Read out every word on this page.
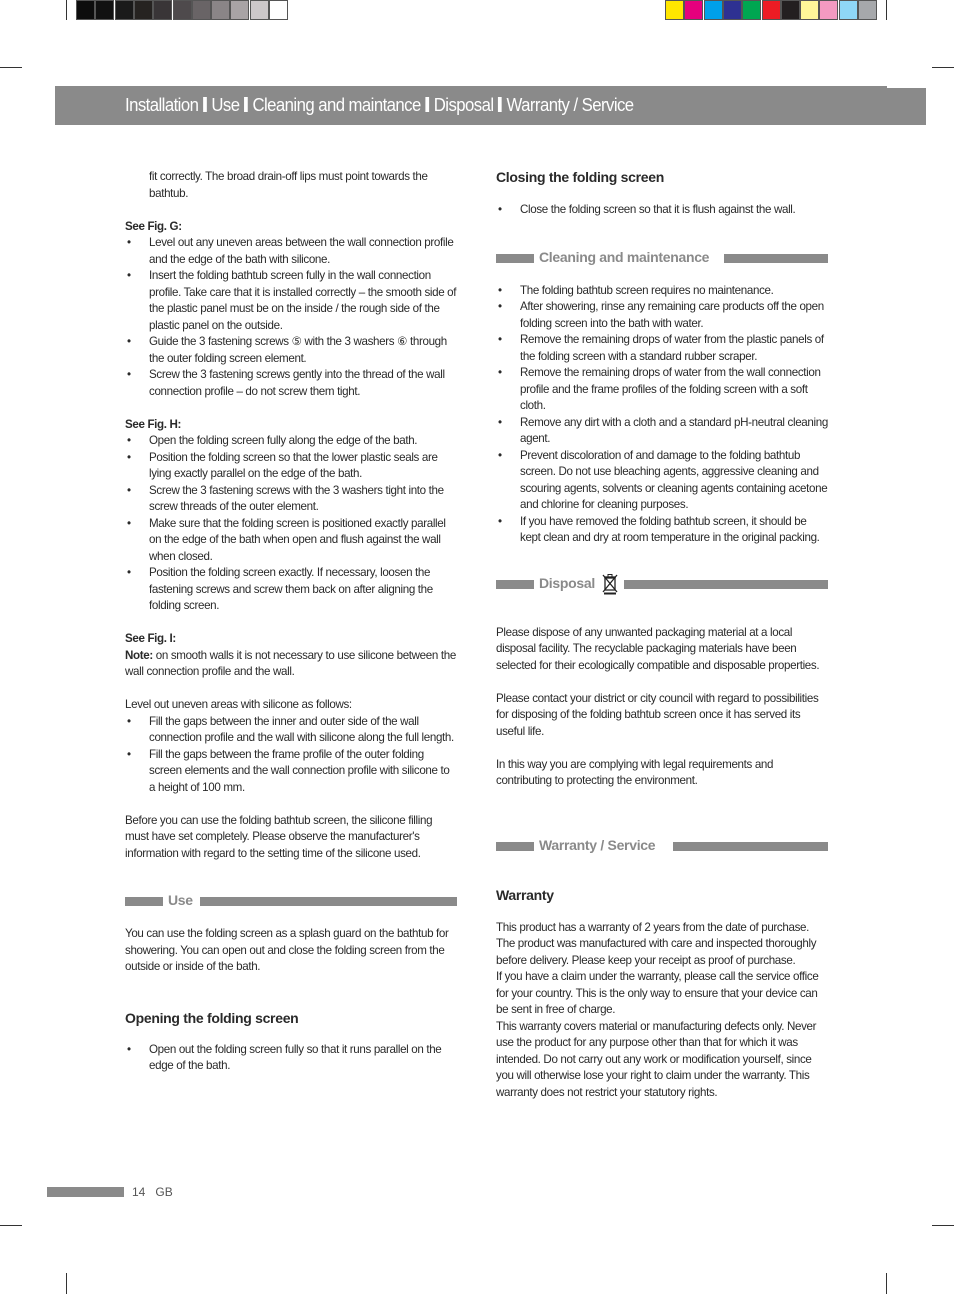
Installation Use Cleaning and maintance Disposal Warranty / Service

fit correctly. The broad drain-off lips must point towards the bathtub.

See Fig. G:

• Level out any uneven areas between the wall connection profile and the edge of the bath with silicone.
• Insert the folding bathtub screen fully in the wall connection profile. Take care that it is installed correctly – the smooth side of the plastic panel must be on the inside / the rough side of the plastic panel on the outside.
• Guide the 3 fastening screws ⑤ with the 3 washers ⑥ through the outer folding screen element.
• Screw the 3 fastening screws gently into the thread of the wall connection profile – do not screw them tight.

See Fig. H:

• Open the folding screen fully along the edge of the bath.
• Position the folding screen so that the lower plastic seals are lying exactly parallel on the edge of the bath.
• Screw the 3 fastening screws with the 3 washers tight into the screw threads of the outer element.
• Make sure that the folding screen is positioned exactly parallel on the edge of the bath when open and flush against the wall when closed.
• Position the folding screen exactly. If necessary, loosen the fastening screws and screw them back on after aligning the folding screen.

See Fig. I:

Note: on smooth walls it is not necessary to use silicone between the wall connection profile and the wall.

Level out uneven areas with silicone as follows:

• Fill the gaps between the inner and outer side of the wall connection profile and the wall with silicone along the full length.
• Fill the gaps between the frame profile of the outer folding screen elements and the wall connection profile with silicone to a height of 100 mm.

Before you can use the folding bathtub screen, the silicone filling must have set completely. Please observe the manufacturer's information with regard to the setting time of the silicone used.

Use

You can use the folding screen as a splash guard on the bathtub for showering. You can open out and close the folding screen from the outside or inside of the bath.

Opening the folding screen
• Open out the folding screen fully so that it runs parallel on the edge of the bath.
Closing the folding screen
• Close the folding screen so that it is flush against the wall.
Cleaning and maintenance
• The folding bathtub screen requires no maintenance.
• After showering, rinse any remaining care products off the open folding screen into the bath with water.
• Remove the remaining drops of water from the plastic panels of the folding screen with a standard rubber scraper.
• Remove the remaining drops of water from the wall connection profile and the frame profiles of the folding screen with a soft cloth.
• Remove any dirt with a cloth and a standard pH-neutral cleaning agent.
• Prevent discoloration of and damage to the folding bathtub screen. Do not use bleaching agents, aggressive cleaning and scouring agents, solvents or cleaning agents containing acetone and chlorine for cleaning purposes.
• If you have removed the folding bathtub screen, it should be kept clean and dry at room temperature in the original packing.
Disposal

Please dispose of any unwanted packaging material at a local disposal facility. The recyclable packaging materials have been selected for their ecologically compatible and disposable properties.

Please contact your district or city council with regard to possibilities for disposing of the folding bathtub screen once it has served its useful life.

In this way you are complying with legal requirements and contributing to protecting the environment.

Warranty / Service
Warranty

This product has a warranty of 2 years from the date of purchase. The product was manufactured with care and inspected thoroughly before delivery. Please keep your receipt as proof of purchase.

If you have a claim under the warranty, please call the service office for your country. This is the only way to ensure that your device can be sent in free of charge.

This warranty covers material or manufacturing defects only. Never use the product for any purpose other than that for which it was intended. Do not carry out any work or modification yourself, since you will otherwise lose your right to claim under the warranty. This warranty does not restrict your statutory rights.

14 GB
